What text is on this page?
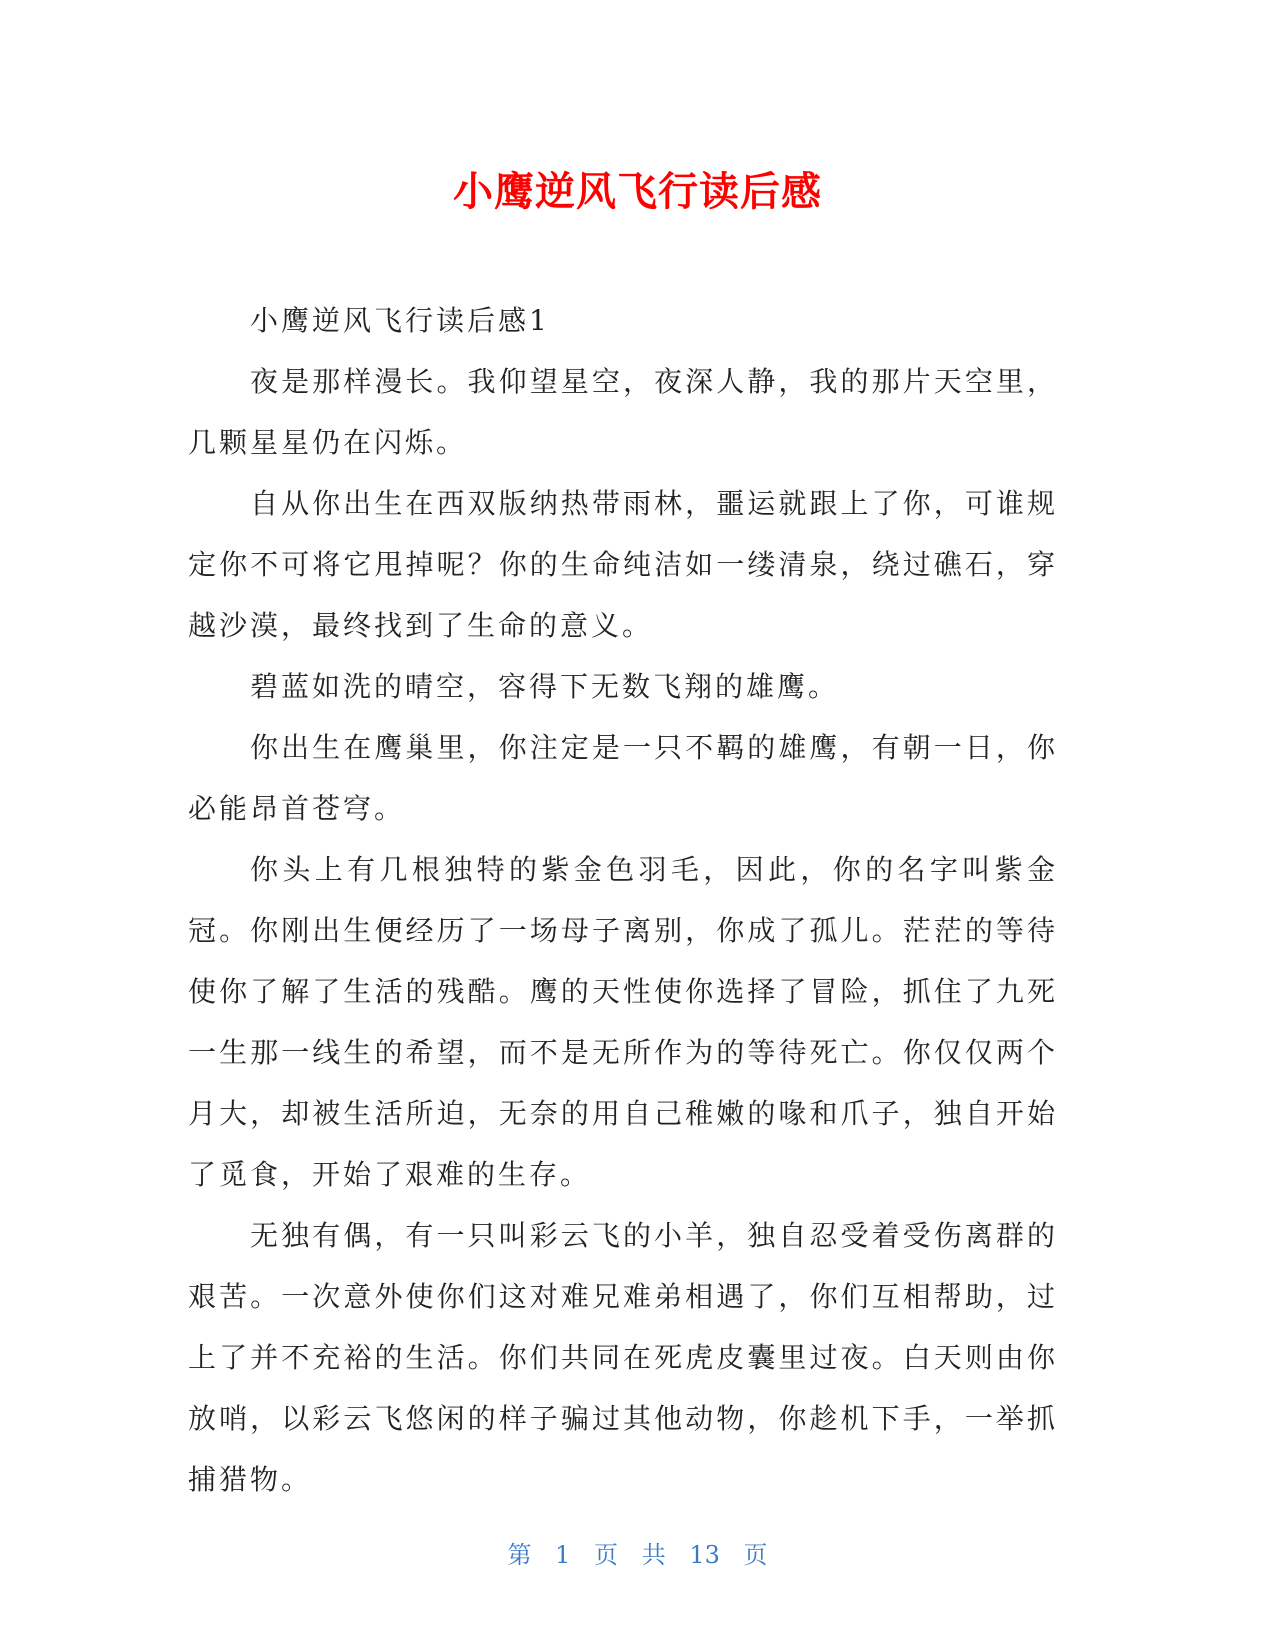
小鹰逆风飞行读后感

小鹰逆风飞行读后感1

夜是那样漫长。我仰望星空，夜深人静，我的那片天空里，几颗星星仍在闪烁。

自从你出生在西双版纳热带雨林，噩运就跟上了你，可谁规定你不可将它甩掉呢？你的生命纯洁如一缕清泉，绕过礁石，穿越沙漠，最终找到了生命的意义。

碧蓝如洗的晴空，容得下无数飞翔的雄鹰。

你出生在鹰巢里，你注定是一只不羁的雄鹰，有朝一日，你必能昂首苍穹。

你头上有几根独特的紫金色羽毛，因此，你的名字叫紫金冠。你刚出生便经历了一场母子离别，你成了孤儿。茫茫的等待使你了解了生活的残酷。鹰的天性使你选择了冒险，抓住了九死一生那一线生的希望，而不是无所作为的等待死亡。你仅仅两个月大，却被生活所迫，无奈的用自己稚嫩的喙和爪子，独自开始了觅食，开始了艰难的生存。

无独有偶，有一只叫彩云飞的小羊，独自忍受着受伤离群的艰苦。一次意外使你们这对难兄难弟相遇了，你们互相帮助，过上了并不充裕的生活。你们共同在死虎皮囊里过夜。白天则由你放哨，以彩云飞悠闲的样子骗过其他动物，你趁机下手，一举抓捕猎物。

第 1 页 共 13 页
